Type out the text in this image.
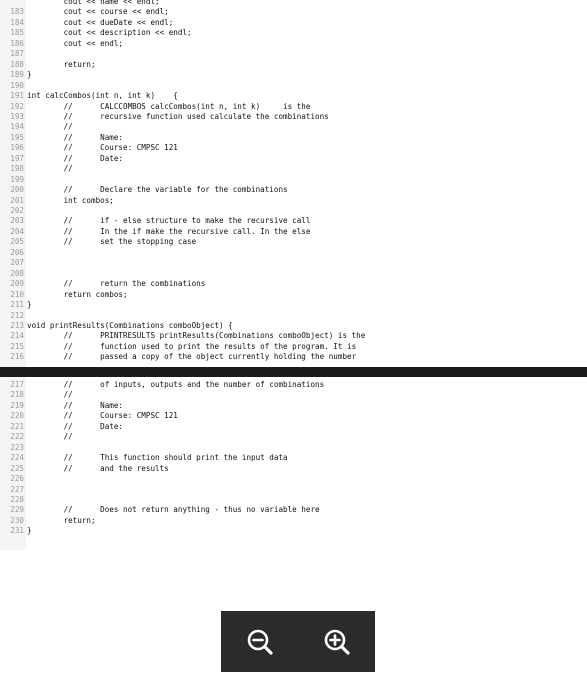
cout << name << endl;
183 cout << course << endl;
184 cout << dueDate << endl;
185 cout << description << endl;
186 cout << endl;
187
188 return;
189 }
190
191 int calcCombos(int n, int k)    {
192 //      CALCCOMBOS calcCombos(int n, int k)     is the
193 //      recursive function used calculate the combinations
194 //
195 //      Name:
196 //      Course: CMPSC 121
197 //      Date:
198 //
199
200 //      Declare the variable for the combinations
201 int combos;
202
203 //      if - else structure to make the recursive call
204 //      In the if make the recursive call. In the else
205 //      set the stopping case
206
207
208
209 //      return the combinations
210 return combos;
211 }
212
213 void printResults(Combinations comboObject) {
214 //      PRINTRESULTS printResults(Combinations comboObject) is the
215 //      function used to print the results of the program. It is
216 //      passed a copy of the object currently holding the number
217 //      of inputs, outputs and the number of combinations
218 //
219 //      Name:
220 //      Course: CMPSC 121
221 //      Date:
222 //
223
224 //      This function should print the input data
225 //      and the results
226
227
228
229 //      Does not return anything - thus no variable here
230 return;
231 }
